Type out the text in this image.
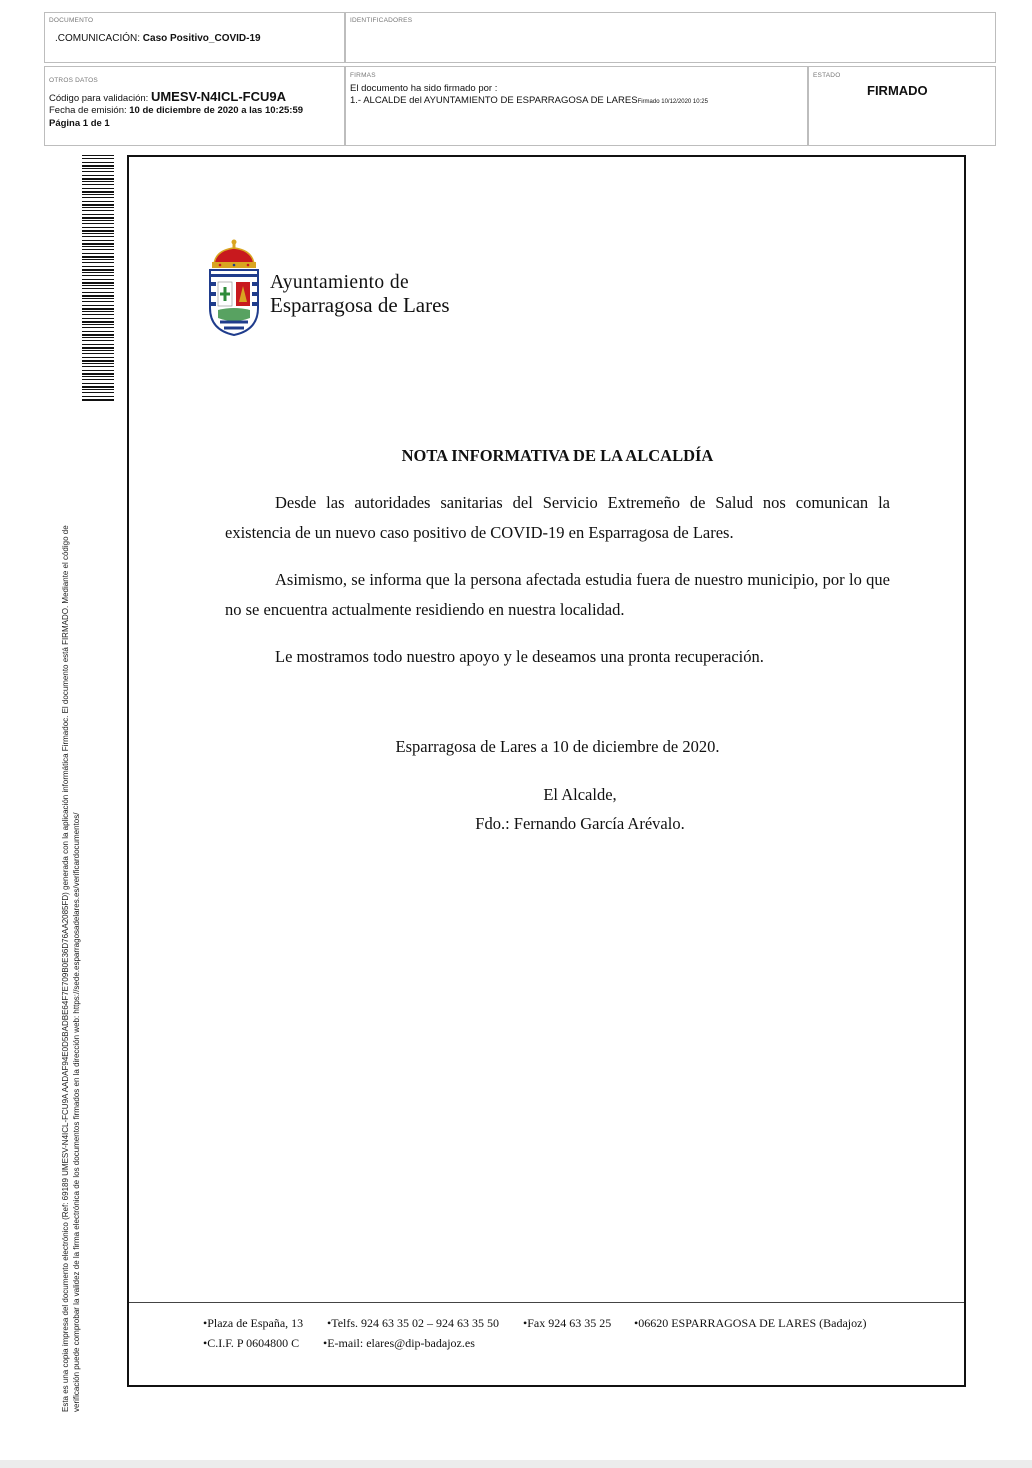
DOCUMENTO
.COMUNICACIÓN: Caso Positivo_COVID-19
IDENTIFICADORES
OTROS DATOS
Código para validación: UMESV-N4ICL-FCU9A
Fecha de emisión: 10 de diciembre de 2020 a las 10:25:59
Página 1 de 1
FIRMAS
El documento ha sido firmado por :
1.- ALCALDE del AYUNTAMIENTO DE ESPARRAGOSA DE LARESFirmado 10/12/2020 10:25
ESTADO
FIRMADO
Esta es una copia impresa del documento electrónico (Ref: 69189 UMESV-N4ICL-FCU9A AADAF94E0D5BADBE64F7E709B0E36D76AA2085FD) generada con la aplicación informática Firmadoc. El documento está FIRMADO. Mediante el código de verificación puede comprobar la validez de la firma electrónica de los documentos firmados en la dirección web: https://sede.esparragosadelares.es/verificardocumentos/
Ayuntamiento de
Esparragosa de Lares
NOTA INFORMATIVA DE LA ALCALDÍA

Desde las autoridades sanitarias del Servicio Extremeño de Salud nos comunican la existencia de un nuevo caso positivo de COVID-19 en Esparragosa de Lares.

Asimismo, se informa que la persona afectada estudia fuera de nuestro municipio, por lo que no se encuentra actualmente residiendo en nuestra localidad.

Le mostramos todo nuestro apoyo y le deseamos una pronta recuperación.

Esparragosa de Lares a 10 de diciembre de 2020.
El Alcalde,
Fdo.: Fernando García Arévalo.
•Plaza de España, 13 •Telfs. 924 63 35 02 – 924 63 35 50 •Fax 924 63 35 25 •06620 ESPARRAGOSA DE LARES (Badajoz)
•C.I.F. P 0604800 C •E-mail: elares@dip-badajoz.es
